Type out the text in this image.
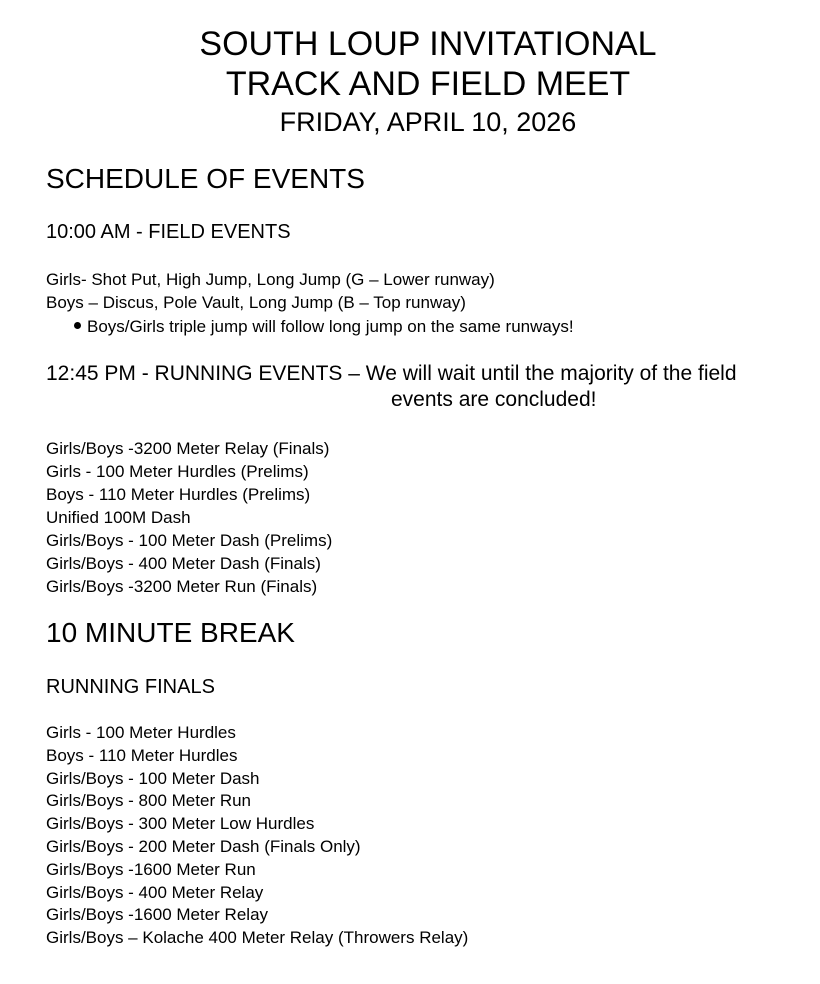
SOUTH LOUP INVITATIONAL
TRACK AND FIELD MEET
FRIDAY, APRIL 10, 2026
SCHEDULE OF EVENTS
10:00 AM - FIELD EVENTS
Girls- Shot Put, High Jump, Long Jump (G – Lower runway)
Boys – Discus, Pole Vault, Long Jump (B – Top runway)
Boys/Girls triple jump will follow long jump on the same runways!
12:45 PM - RUNNING EVENTS – We will wait until the majority of the field
events are concluded!
Girls/Boys -3200 Meter Relay (Finals)
Girls - 100 Meter Hurdles (Prelims)
Boys - 110 Meter Hurdles (Prelims)
Unified 100M Dash
Girls/Boys - 100 Meter Dash (Prelims)
Girls/Boys - 400 Meter Dash (Finals)
Girls/Boys -3200 Meter Run (Finals)
10 MINUTE BREAK
RUNNING FINALS
Girls - 100 Meter Hurdles
Boys - 110 Meter Hurdles
Girls/Boys - 100 Meter Dash
Girls/Boys - 800 Meter Run
Girls/Boys - 300 Meter Low Hurdles
Girls/Boys - 200 Meter Dash (Finals Only)
Girls/Boys -1600 Meter Run
Girls/Boys - 400 Meter Relay
Girls/Boys -1600 Meter Relay
Girls/Boys – Kolache 400 Meter Relay (Throwers Relay)
